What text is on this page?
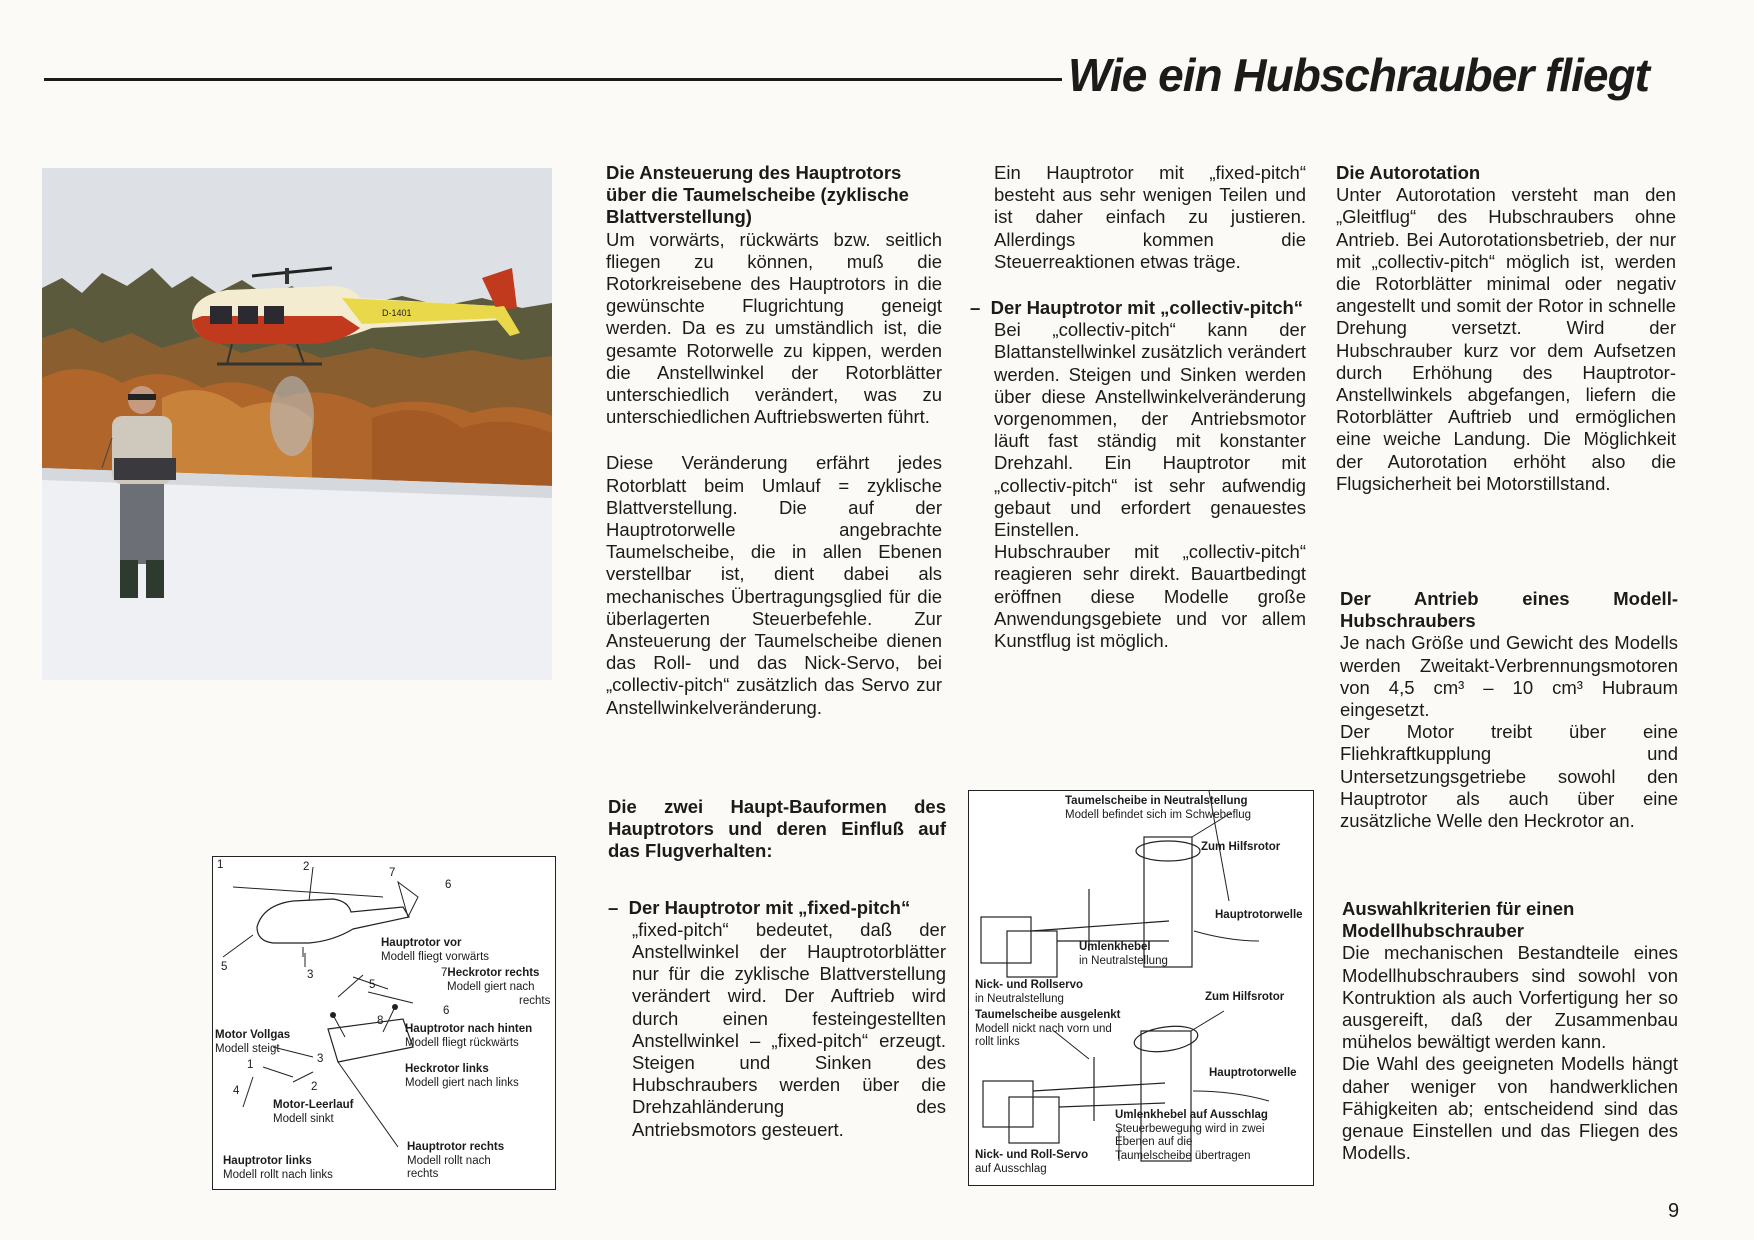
Wie ein Hubschrauber fliegt
D-1401
Die Ansteuerung des Hauptrotors über die Taumelscheibe (zyklische Blattverstellung)

Um vorwärts, rückwärts bzw. seitlich fliegen zu können, muß die Rotorkreisebene des Hauptrotors in die gewünschte Flugrichtung geneigt werden. Da es zu umständlich ist, die gesamte Rotorwelle zu kippen, werden die Anstellwinkel der Rotorblätter unterschiedlich verändert, was zu unterschiedlichen Auftriebswerten führt.

Diese Veränderung erfährt jedes Rotorblatt beim Umlauf = zyklische Blattverstellung. Die auf der Hauptrotorwelle angebrachte Taumelscheibe, die in allen Ebenen verstellbar ist, dient dabei als mechanisches Übertragungsglied für die überlagerten Steuerbefehle. Zur Ansteuerung der Taumelscheibe dienen das Roll- und das Nick-Servo, bei „collectiv-pitch“ zusätzlich das Servo zur Anstellwinkelveränderung.

Die zwei Haupt-Bauformen des Hauptrotors und deren Einfluß auf das Flugverhalten:

– Der Hauptrotor mit „fixed-pitch“

„fixed-pitch“ bedeutet, daß der Anstellwinkel der Hauptrotorblätter nur für die zyklische Blattverstellung verändert wird. Der Auftrieb wird durch einen festeingestellten Anstellwinkel – „fixed-pitch“ erzeugt. Steigen und Sinken des Hubschraubers werden über die Drehzahländerung des Antriebsmotors gesteuert.

Ein Hauptrotor mit „fixed-pitch“ besteht aus sehr wenigen Teilen und ist daher einfach zu justieren. Allerdings kommen die Steuerreaktionen etwas träge.

– Der Hauptrotor mit „collectiv-pitch“

Bei „collectiv-pitch“ kann der Blattanstellwinkel zusätzlich verändert werden. Steigen und Sinken werden über diese Anstellwinkelveränderung vorgenommen, der Antriebsmotor läuft fast ständig mit konstanter Drehzahl. Ein Hauptrotor mit „collectiv-pitch“ ist sehr aufwendig gebaut und erfordert genauestes Einstellen.

Hubschrauber mit „collectiv-pitch“ reagieren sehr direkt. Bauartbedingt eröffnen diese Modelle große Anwendungsgebiete und vor allem Kunstflug ist möglich.

Die Autorotation

Unter Autorotation versteht man den „Gleitflug“ des Hubschraubers ohne Antrieb. Bei Autorotationsbetrieb, der nur mit „collectiv-pitch“ möglich ist, werden die Rotorblätter minimal oder negativ angestellt und somit der Rotor in schnelle Drehung versetzt. Wird der Hubschrauber kurz vor dem Aufsetzen durch Erhöhung des Hauptrotor-Anstellwinkels abgefangen, liefern die Rotorblätter Auftrieb und ermöglichen eine weiche Landung. Die Möglichkeit der Autorotation erhöht also die Flugsicherheit bei Motorstillstand.

Der Antrieb eines Modell-Hubschraubers

Je nach Größe und Gewicht des Modells werden Zweitakt-Verbrennungsmotoren von 4,5 cm³ – 10 cm³ Hubraum eingesetzt.

Der Motor treibt über eine Fliehkraftkupplung und Untersetzungsgetriebe sowohl den Hauptrotor als auch über eine zusätzliche Welle den Heckrotor an.

Auswahlkriterien für einen Modellhubschrauber

Die mechanischen Bestandteile eines Modellhubschraubers sind sowohl von Kontruktion als auch Vorfertigung her so ausgereift, daß der Zusammenbau mühelos bewältigt werden kann.

Die Wahl des geeigneten Modells hängt daher weniger von handwerklichen Fähigkeiten ab; entscheidend sind das genaue Einstellen und das Fliegen des Modells.

1	2	7
6
5
3
Hauptrotor vor
Modell fliegt vorwärts
7Heckrotor rechts
Modell giert nach
rechts
5
6
8
Hauptrotor nach hinten
Modell fliegt rückwärts
Motor Vollgas
Modell steigt
1	3
Heckrotor links
Modell giert nach links
4	2
Motor-Leerlauf
Modell sinkt
Hauptrotor rechts
Modell rollt nach
rechts
Hauptrotor links
Modell rollt nach links
Taumelscheibe in Neutralstellung
Modell befindet sich im Schwebeflug
Zum Hilfsrotor
Hauptrotorwelle
Umlenkhebel
in Neutralstellung
Nick- und Rollservo
in Neutralstellung	Zum Hilfsrotor
Taumelscheibe ausgelenkt
Modell nickt nach vorn und
rollt links
Hauptrotorwelle
Umlenkhebel auf Ausschlag
Steuerbewegung wird in zwei
Ebenen auf die
Taumelscheibe übertragen
Nick- und Roll-Servo
auf Ausschlag
9
